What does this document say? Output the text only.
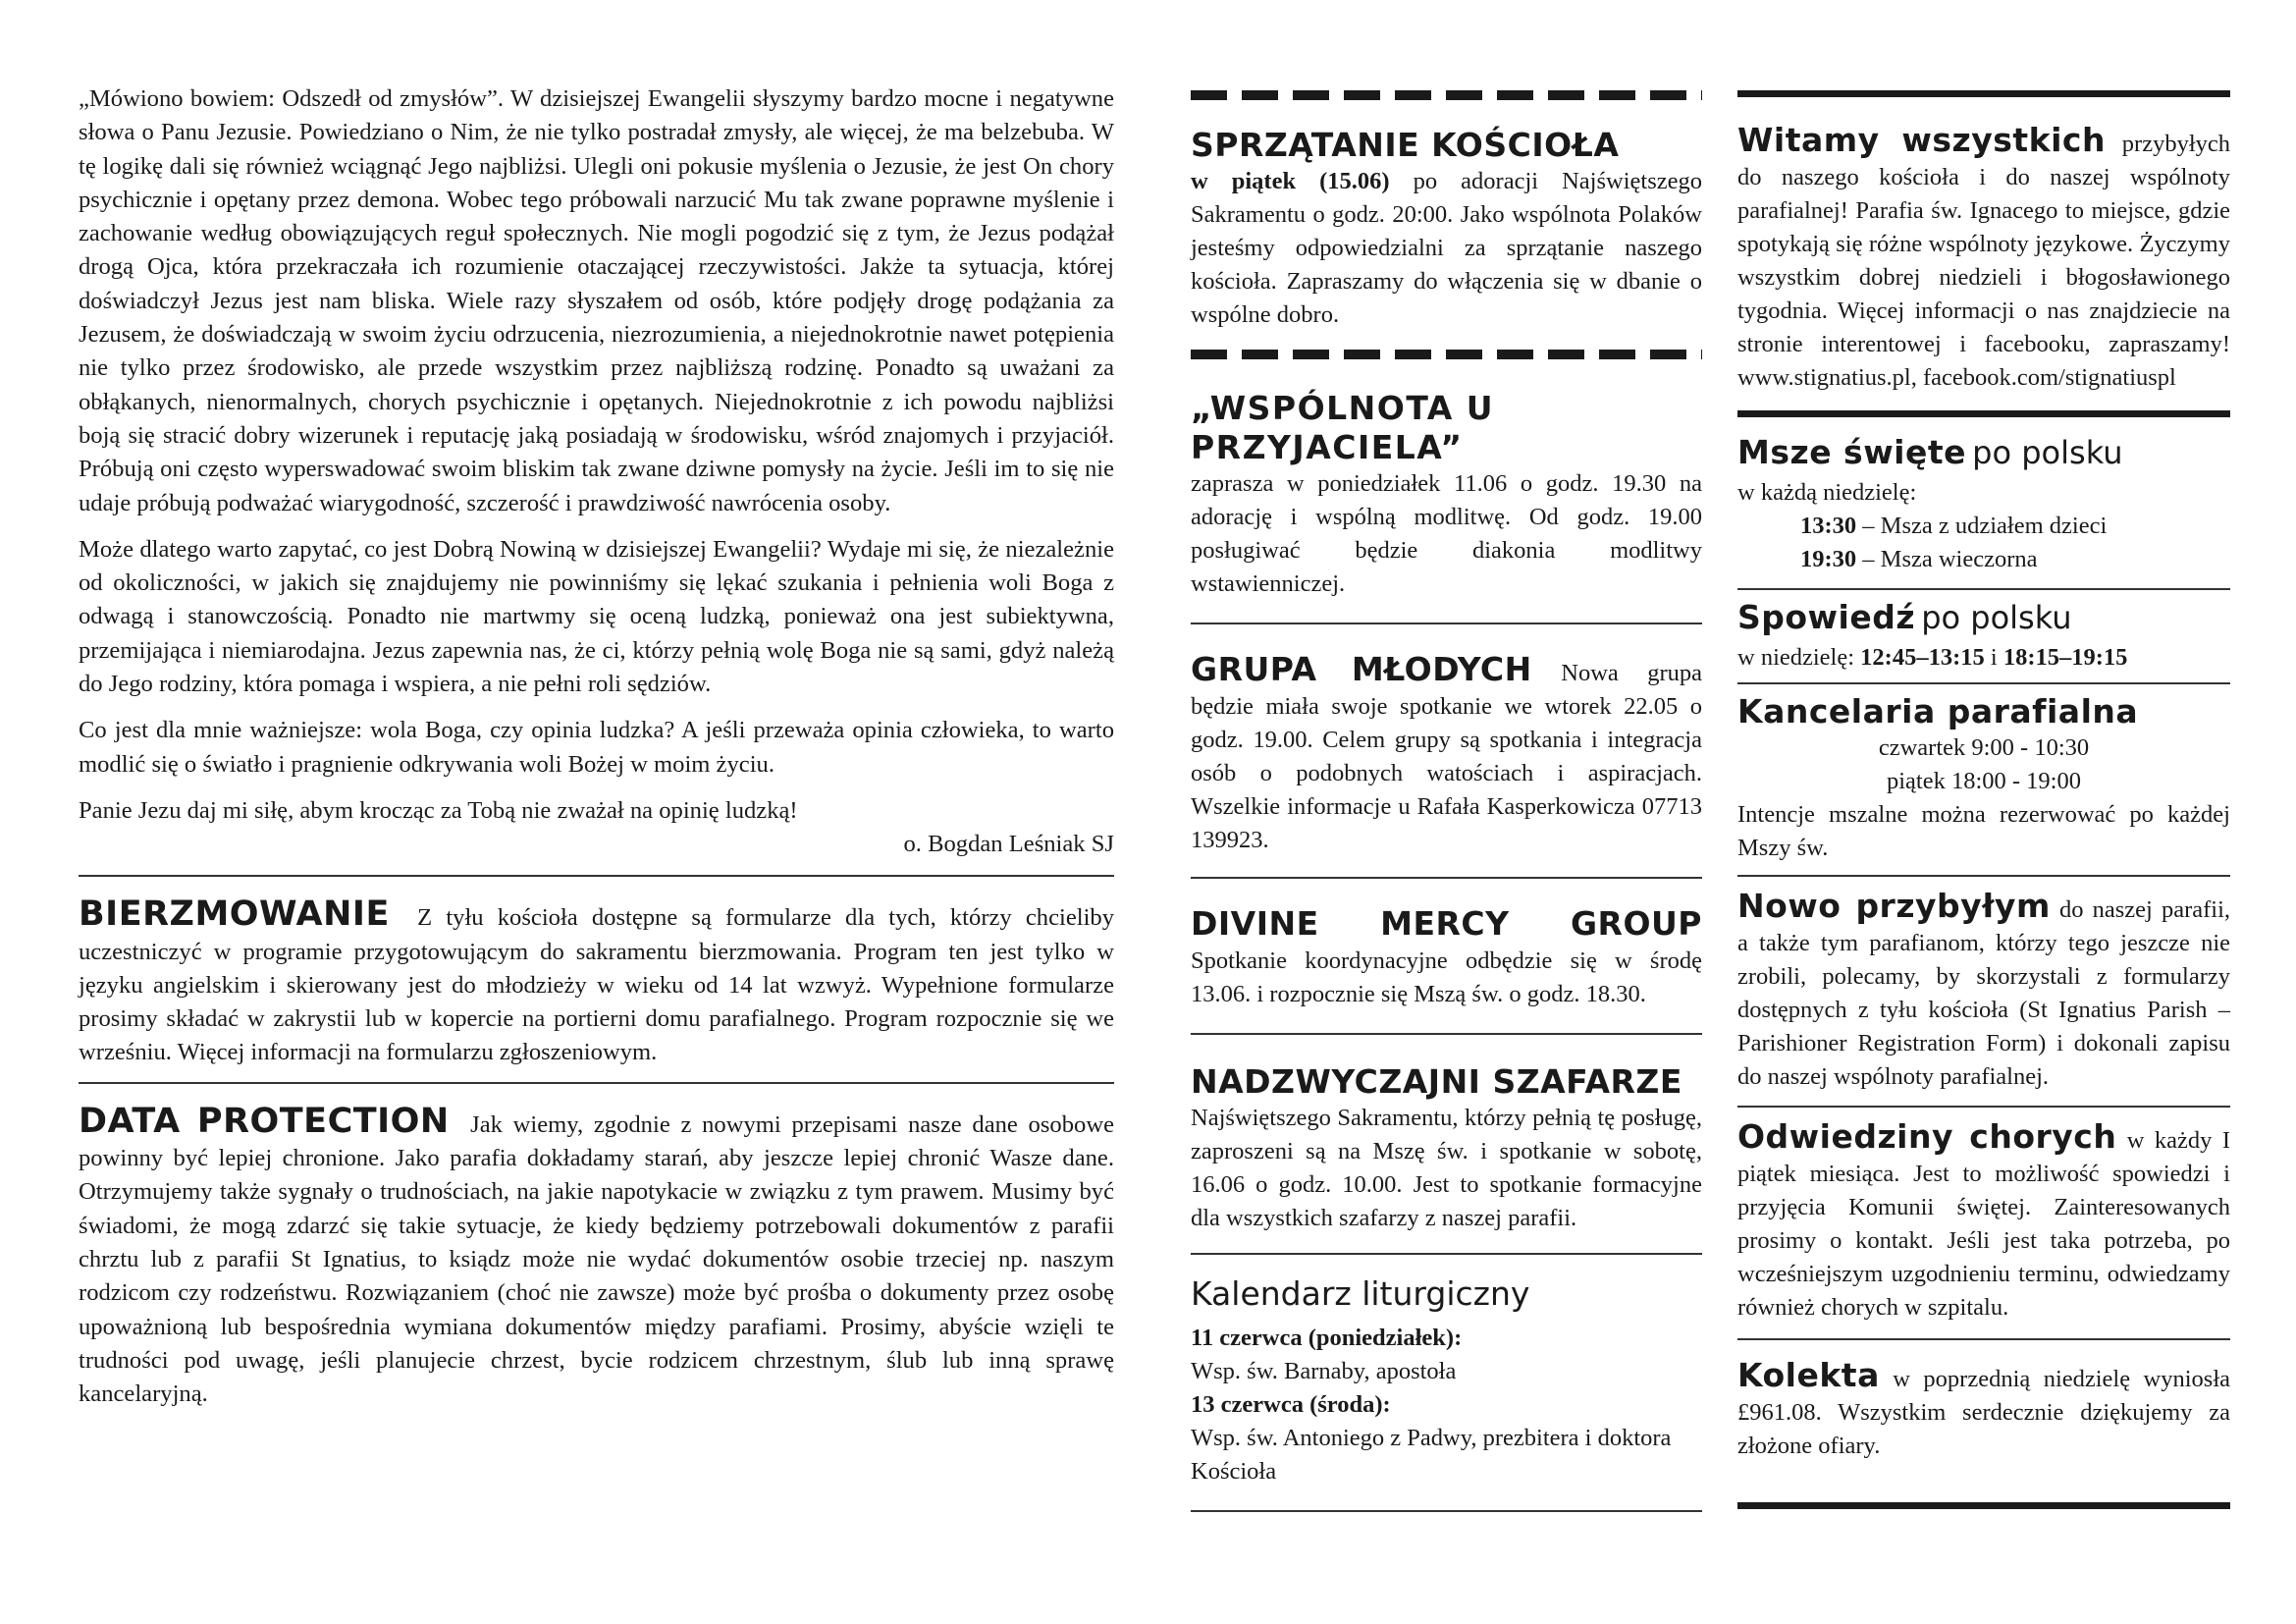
„Mówiono bowiem: Odszedł od zmysłów”. W dzisiejszej Ewangelii słyszymy bardzo mocne i negatywne słowa o Panu Jezusie. Powiedziano o Nim, że nie tylko postradał zmysły, ale więcej, że ma belzebuba. W tę logikę dali się również wciągnąć Jego najbliżsi. Ulegli oni pokusie myślenia o Jezusie, że jest On chory psychicznie i opętany przez demona. Wobec tego próbowali narzucić Mu tak zwane poprawne myślenie i zachowanie według obowiązujących reguł społecznych. Nie mogli pogodzić się z tym, że Jezus podążał drogą Ojca, która przekraczała ich rozumienie otaczającej rzeczywistości. Jakże ta sytuacja, której doświadczył Jezus jest nam bliska. Wiele razy słyszałem od osób, które podjęły drogę podążania za Jezusem, że doświadczają w swoim życiu odrzucenia, niezrozumienia, a niejednokrotnie nawet potępienia nie tylko przez środowisko, ale przede wszystkim przez najbliższą rodzinę. Ponadto są uważani za obłąkanych, nienormalnych, chorych psychicznie i opętanych. Niejednokrotnie z ich powodu najbliżsi boją się stracić dobry wizerunek i reputację jaką posiadają w środowisku, wśród znajomych i przyjaciół. Próbują oni często wyperswadować swoim bliskim tak zwane dziwne pomysły na życie. Jeśli im to się nie udaje próbują podważać wiarygodność, szczerość i prawdziwość nawrócenia osoby.

Może dlatego warto zapytać, co jest Dobrą Nowiną w dzisiejszej Ewangelii? Wydaje mi się, że niezależnie od okoliczności, w jakich się znajdujemy nie powinniśmy się lękać szukania i pełnienia woli Boga z odwagą i stanowczością. Ponadto nie martwmy się oceną ludzką, ponieważ ona jest subiektywna, przemijająca i niemiarodajna. Jezus zapewnia nas, że ci, którzy pełnią wolę Boga nie są sami, gdyż należą do Jego rodziny, która pomaga i wspiera, a nie pełni roli sędziów.

Co jest dla mnie ważniejsze: wola Boga, czy opinia ludzka? A jeśli przeważa opinia człowieka, to warto modlić się o światło i pragnienie odkrywania woli Bożej w moim życiu.

Panie Jezu daj mi siłę, abym krocząc za Tobą nie zważał na opinię ludzką!

o. Bogdan Leśniak SJ

BIERZMOWANIE Z tyłu kościoła dostępne są formularze dla tych, którzy chcieliby uczestniczyć w programie przygotowującym do sakramentu bierzmowania. Program ten jest tylko w języku angielskim i skierowany jest do młodzieży w wieku od 14 lat wzwyż. Wypełnione formularze prosimy składać w zakrystii lub w kopercie na portierni domu parafialnego. Program rozpocznie się we wrześniu. Więcej informacji na formularzu zgłoszeniowym.

DATA PROTECTION Jak wiemy, zgodnie z nowymi przepisami nasze dane osobowe powinny być lepiej chronione. Jako parafia dokładamy starań, aby jeszcze lepiej chronić Wasze dane. Otrzymujemy także sygnały o trudnościach, na jakie napotykacie w związku z tym prawem. Musimy być świadomi, że mogą zdarzć się takie sytuacje, że kiedy będziemy potrzebowali dokumentów z parafii chrztu lub z parafii St Ignatius, to ksiądz może nie wydać dokumentów osobie trzeciej np. naszym rodzicom czy rodzeństwu. Rozwiązaniem (choć nie zawsze) może być prośba o dokumenty przez osobę upoważnioną lub bespośrednia wymiana dokumentów między parafiami. Prosimy, abyście wzięli te trudności pod uwagę, jeśli planujecie chrzest, bycie rodzicem chrzestnym, ślub lub inną sprawę kancelaryjną.

SPRZĄTANIE KOŚCIOŁA

w piątek (15.06) po adoracji Najświętszego Sakramentu o godz. 20:00. Jako wspólnota Polaków jesteśmy odpowiedzialni za sprzątanie naszego kościoła. Zapraszamy do włączenia się w dbanie o wspólne dobro.

„WSPÓLNOTA U PRZYJACIELA”

zaprasza w poniedziałek 11.06 o godz. 19.30 na adorację i wspólną modlitwę. Od godz. 19.00 posługiwać będzie diakonia modlitwy wstawienniczej.

GRUPA MŁODYCH Nowa grupa będzie miała swoje spotkanie we wtorek 22.05 o godz. 19.00. Celem grupy są spotkania i integracja osób o podobnych watościach i aspiracjach. Wszelkie informacje u Rafała Kasperkowicza 07713 139923.

DIVINE MERCY GROUP Spotkanie koordynacyjne odbędzie się w środę 13.06. i rozpocznie się Mszą św. o godz. 18.30.

NADZWYCZAJNI SZAFARZE

Najświętszego Sakramentu, którzy pełnią tę posługę, zaproszeni są na Mszę św. i spotkanie w sobotę, 16.06 o godz. 10.00. Jest to spotkanie formacyjne dla wszystkich szafarzy z naszej parafii.

Kalendarz liturgiczny

11 czerwca (poniedziałek):

Wsp. św. Barnaby, apostoła

13 czerwca (środa):

Wsp. św. Antoniego z Padwy, prezbitera i doktora Kościoła

Witamy wszystkich przybyłych do naszego kościoła i do naszej wspólnoty parafialnej! Parafia św. Ignacego to miejsce, gdzie spotykają się różne wspólnoty językowe. Życzymy wszystkim dobrej niedzieli i błogosławionego tygodnia. Więcej informacji o nas znajdziecie na stronie interentowej i facebooku, zapraszamy! www.stignatius.pl, facebook.com/stignatiuspl

Msze święte po polsku

w każdą niedzielę:

13:30 – Msza z udziałem dzieci

19:30 – Msza wieczorna

Spowiedź po polsku

w niedzielę: 12:45–13:15 i 18:15–19:15

Kancelaria parafialna

czwartek 9:00 - 10:30

piątek 18:00 - 19:00

Intencje mszalne można rezerwować po każdej Mszy św.

Nowo przybyłym do naszej parafii, a także tym parafianom, którzy tego jeszcze nie zrobili, polecamy, by skorzystali z formularzy dostępnych z tyłu kościoła (St Ignatius Parish – Parishioner Registration Form) i dokonali zapisu do naszej wspólnoty parafialnej.

Odwiedziny chorych w każdy I piątek miesiąca. Jest to możliwość spowiedzi i przyjęcia Komunii świętej. Zainteresowanych prosimy o kontakt. Jeśli jest taka potrzeba, po wcześniejszym uzgodnieniu terminu, odwiedzamy również chorych w szpitalu.

Kolekta w poprzednią niedzielę wyniosła £961.08. Wszystkim serdecznie dziękujemy za złożone ofiary.
